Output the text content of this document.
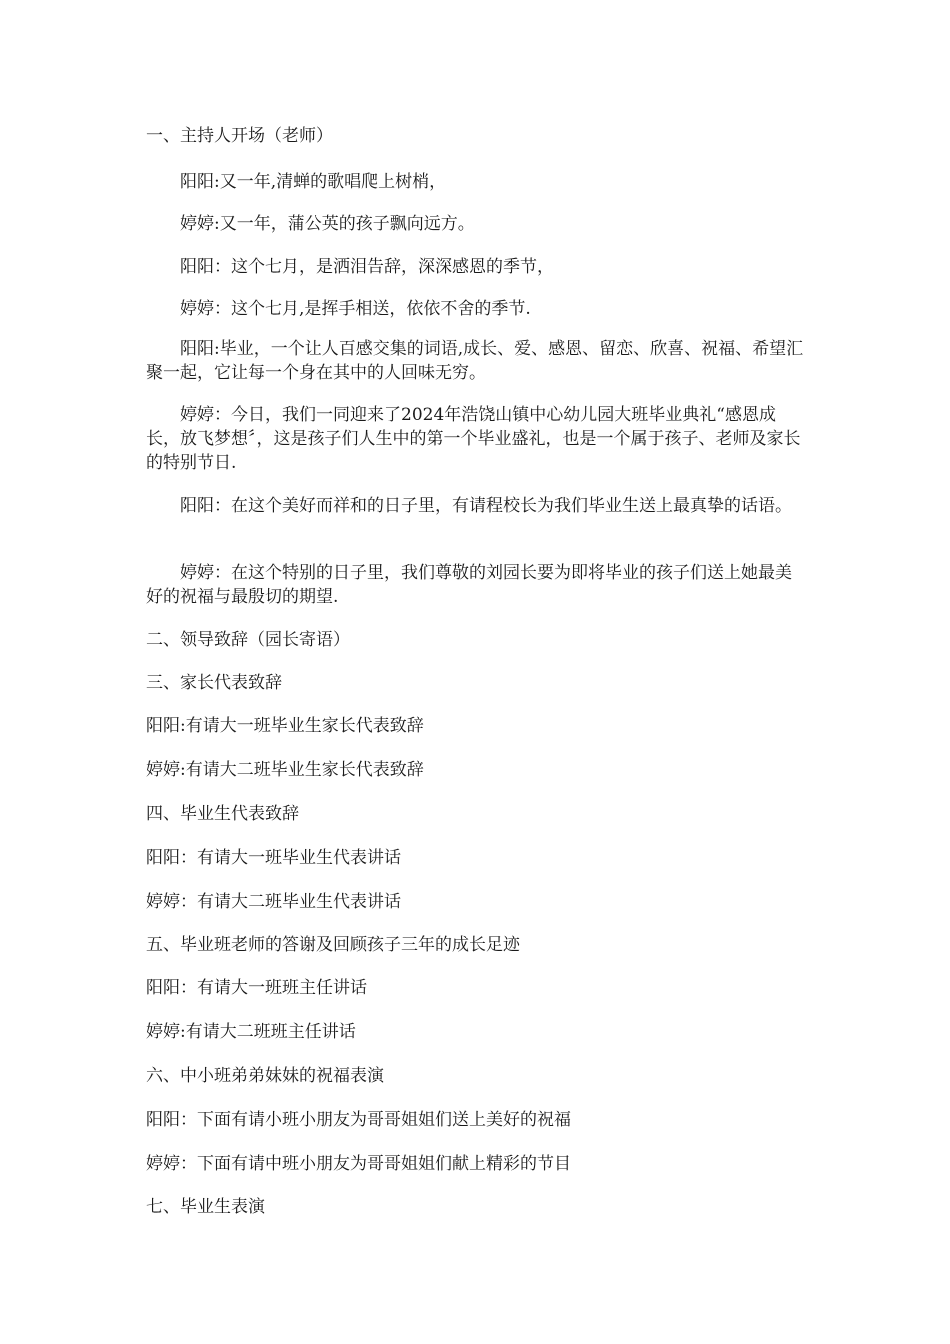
一、主持人开场（老师）
阳阳:又一年,清蝉的歌唱爬上树梢，
婷婷:又一年，蒲公英的孩子飘向远方。
阳阳：这个七月，是洒泪告辞，深深感恩的季节，
婷婷：这个七月,是挥手相送，依依不舍的季节.
阳阳:毕业，一个让人百感交集的词语,成长、爱、感恩、留恋、欣喜、祝福、希望汇聚一起，它让每一个身在其中的人回味无穷。
婷婷：今日，我们一同迎来了2024年浩饶山镇中心幼儿园大班毕业典礼“感恩成长，放飞梦想〞，这是孩子们人生中的第一个毕业盛礼，也是一个属于孩子、老师及家长的特别节日.
阳阳：在这个美好而祥和的日子里，有请程校长为我们毕业生送上最真挚的话语。
婷婷：在这个特别的日子里，我们尊敬的刘园长要为即将毕业的孩子们送上她最美好的祝福与最殷切的期望.
二、领导致辞（园长寄语）
三、家长代表致辞
阳阳:有请大一班毕业生家长代表致辞
婷婷:有请大二班毕业生家长代表致辞
四、毕业生代表致辞
阳阳：有请大一班毕业生代表讲话
婷婷：有请大二班毕业生代表讲话
五、毕业班老师的答谢及回顾孩子三年的成长足迹
阳阳：有请大一班班主任讲话
婷婷:有请大二班班主任讲话
六、中小班弟弟妹妹的祝福表演
阳阳：下面有请小班小朋友为哥哥姐姐们送上美好的祝福
婷婷：下面有请中班小朋友为哥哥姐姐们献上精彩的节目
七、毕业生表演
